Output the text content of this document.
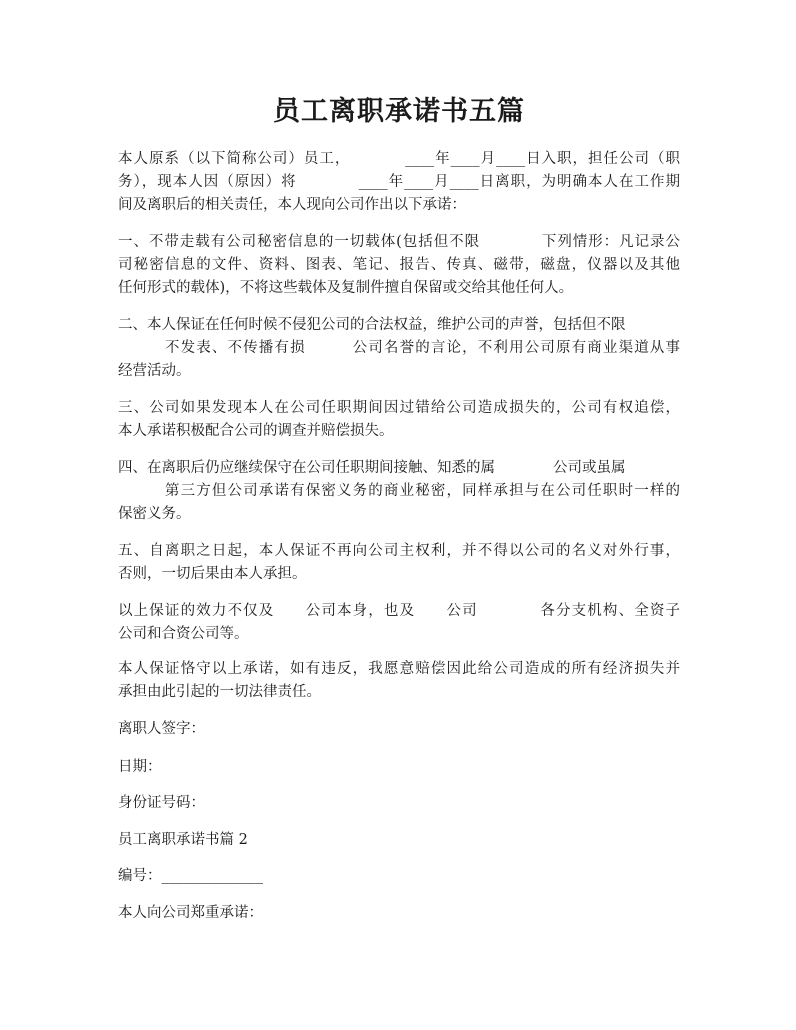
员工离职承诺书五篇
本人原系（以下简称公司）员工，　　　　____年____月____日入职，担任公司（职
务），现本人因（原因）将　　　　____年____月____日离职，为明确本人在工作期
间及离职后的相关责任，本人现向公司作出以下承诺：
一、不带走载有公司秘密信息的一切载体(包括但不限　　　　下列情形：凡记录公
司秘密信息的文件、资料、图表、笔记、报告、传真、磁带，磁盘，仪器以及其他
任何形式的载体)，不将这些载体及复制件擅自保留或交给其他任何人。
二、本人保证在任何时候不侵犯公司的合法权益，维护公司的声誉，包括但不限
　　　不发表、不传播有损　　　公司名誉的言论，不利用公司原有商业渠道从事
经营活动。
三、公司如果发现本人在公司任职期间因过错给公司造成损失的，公司有权追偿，
本人承诺积极配合公司的调查并赔偿损失。
四、在离职后仍应继续保守在公司任职期间接触、知悉的属　　　　公司或虽属
　　　第三方但公司承诺有保密义务的商业秘密，同样承担与在公司任职时一样的
保密义务。
五、自离职之日起，本人保证不再向公司主权利，并不得以公司的名义对外行事，
否则，一切后果由本人承担。
以上保证的效力不仅及　　公司本身，也及　　公司　　　　各分支机构、全资子
公司和合资公司等。
本人保证恪守以上承诺，如有违反，我愿意赔偿因此给公司造成的所有经济损失并
承担由此引起的一切法律责任。
离职人签字：
日期：
身份证号码：
员工离职承诺书篇 2
编号：______________
本人向公司郑重承诺：
